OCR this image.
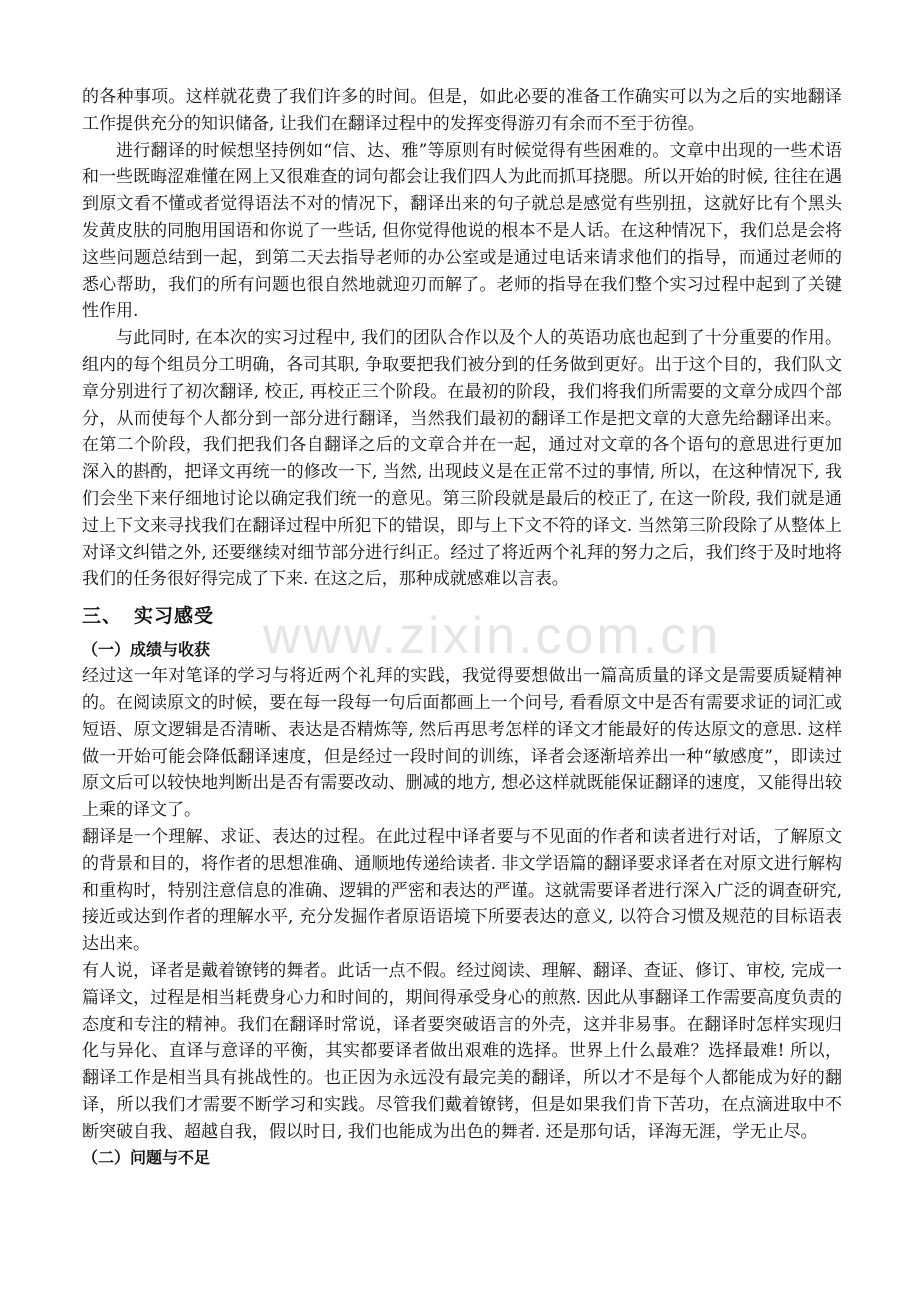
的各种事项。这样就花费了我们许多的时间。但是，如此必要的准备工作确实可以为之后的实地翻译工作提供充分的知识储备, 让我们在翻译过程中的发挥变得游刃有余而不至于彷徨。

进行翻译的时候想坚持例如“信、达、雅”等原则有时候觉得有些困难的。文章中出现的一些术语和一些既晦涩难懂在网上又很难查的词句都会让我们四人为此而抓耳挠腮。所以开始的时候, 往往在遇到原文看不懂或者觉得语法不对的情况下，翻译出来的句子就总是感觉有些别扭，这就好比有个黑头发黄皮肤的同胞用国语和你说了一些话, 但你觉得他说的根本不是人话。在这种情况下，我们总是会将这些问题总结到一起，到第二天去指导老师的办公室或是通过电话来请求他们的指导，而通过老师的悉心帮助，我们的所有问题也很自然地就迎刃而解了。老师的指导在我们整个实习过程中起到了关键性作用.

与此同时, 在本次的实习过程中, 我们的团队合作以及个人的英语功底也起到了十分重要的作用。组内的每个组员分工明确，各司其职, 争取要把我们被分到的任务做到更好。出于这个目的，我们队文章分别进行了初次翻译, 校正, 再校正三个阶段。在最初的阶段，我们将我们所需要的文章分成四个部分，从而使每个人都分到一部分进行翻译，当然我们最初的翻译工作是把文章的大意先给翻译出来。在第二个阶段，我们把我们各自翻译之后的文章合并在一起，通过对文章的各个语句的意思进行更加深入的斟酌，把译文再统一的修改一下, 当然, 出现歧义是在正常不过的事情, 所以，在这种情况下, 我们会坐下来仔细地讨论以确定我们统一的意见。第三阶段就是最后的校正了, 在这一阶段, 我们就是通过上下文来寻找我们在翻译过程中所犯下的错误，即与上下文不符的译文. 当然第三阶段除了从整体上对译文纠错之外, 还要继续对细节部分进行纠正。经过了将近两个礼拜的努力之后，我们终于及时地将我们的任务很好得完成了下来. 在这之后，那种成就感难以言表。

三、 实习感受

（一）成绩与收获

经过这一年对笔译的学习与将近两个礼拜的实践，我觉得要想做出一篇高质量的译文是需要质疑精神的。在阅读原文的时候，要在每一段每一句后面都画上一个问号, 看看原文中是否有需要求证的词汇或短语、原文逻辑是否清晰、表达是否精炼等, 然后再思考怎样的译文才能最好的传达原文的意思. 这样做一开始可能会降低翻译速度，但是经过一段时间的训练，译者会逐渐培养出一种“敏感度”，即读过原文后可以较快地判断出是否有需要改动、删减的地方, 想必这样就既能保证翻译的速度，又能得出较上乘的译文了。

翻译是一个理解、求证、表达的过程。在此过程中译者要与不见面的作者和读者进行对话，了解原文的背景和目的，将作者的思想准确、通顺地传递给读者. 非文学语篇的翻译要求译者在对原文进行解构和重构时，特别注意信息的准确、逻辑的严密和表达的严谨。这就需要译者进行深入广泛的调查研究, 接近或达到作者的理解水平, 充分发掘作者原语语境下所要表达的意义, 以符合习惯及规范的目标语表达出来。

有人说，译者是戴着镣铐的舞者。此话一点不假。经过阅读、理解、翻译、查证、修订、审校, 完成一篇译文，过程是相当耗费身心力和时间的，期间得承受身心的煎熬. 因此从事翻译工作需要高度负责的态度和专注的精神。我们在翻译时常说，译者要突破语言的外壳，这并非易事。在翻译时怎样实现归化与异化、直译与意译的平衡，其实都要译者做出艰难的选择。世界上什么最难？选择最难! 所以，翻译工作是相当具有挑战性的。也正因为永远没有最完美的翻译，所以才不是每个人都能成为好的翻译，所以我们才需要不断学习和实践。尽管我们戴着镣铐，但是如果我们肯下苦功，在点滴进取中不断突破自我、超越自我，假以时日, 我们也能成为出色的舞者. 还是那句话，译海无涯，学无止尽。

（二）问题与不足

www.zixin.com.cn
